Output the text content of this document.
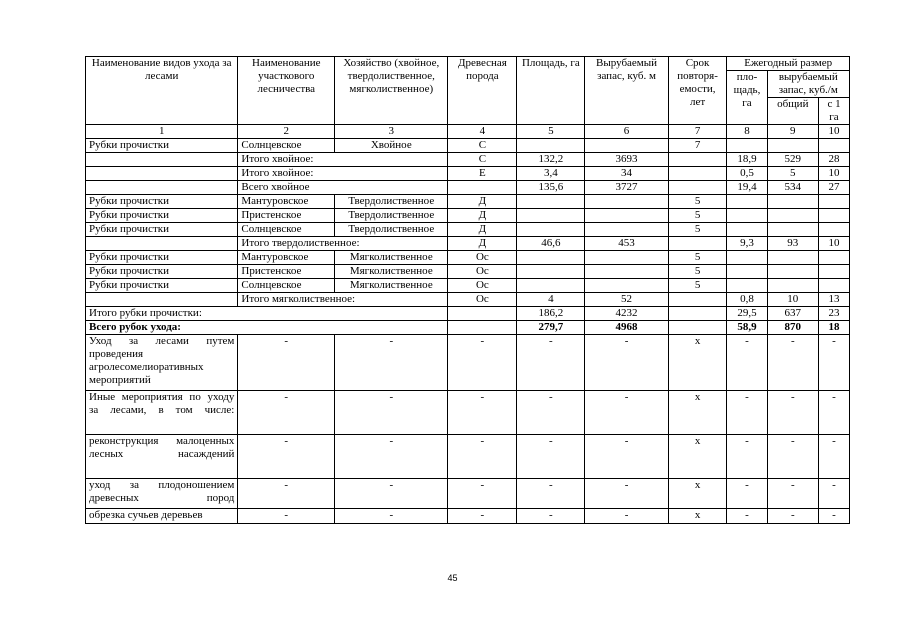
Наименование видов ухода за лесами	Наименование участкового лесничества	Хозяйство (хвойное, твердолиственное, мягколиственное)	Древесная порода	Площадь, га	Вырубаемый запас, куб. м	Срок повторя-емости, лет	Ежегодный размер		
							пло-щадь, га	вырубаемый запас, куб./м	
								общий	с 1 га
1	2	3	4	5	6	7	8	9	10
Рубки прочистки	Солнцевское	Хвойное	С			7			
	Итого хвойное:		С	132,2	3693		18,9	529	28
	Итого хвойное:		Е	3,4	34		0,5	5	10
	Всего хвойное			135,6	3727		19,4	534	27
Рубки прочистки	Мантуровское	Твердолиственное	Д			5			
Рубки прочистки	Пристенское	Твердолиственное	Д			5			
Рубки прочистки	Солнцевское	Твердолиственное	Д			5			
	Итого твердолиственное:		Д	46,6	453		9,3	93	10
Рубки прочистки	Мантуровское	Мягколиственное	Ос			5			
Рубки прочистки	Пристенское	Мягколиственное	Ос			5			
Рубки прочистки	Солнцевское	Мягколиственное	Ос			5			
	Итого мягколиственное:		Ос	4	52		0,8	10	13
Итого рубки прочистки:				186,2	4232		29,5	637	23
Всего рубок ухода:				279,7	4968		58,9	870	18
Уход за лесами путем проведения агролесомелиоративных мероприятий	-	-	-	-	-	х	-	-	-
Иные мероприятия по уходу за лесами, в том числе:	-	-	-	-	-	х	-	-	-
реконструкция малоценных лесных насаждений	-	-	-	-	-	х	-	-	-
уход за плодоношением древесных пород	-	-	-	-	-	х	-	-	-
обрезка сучьев деревьев	-	-	-	-	-	х	-	-	-
45
